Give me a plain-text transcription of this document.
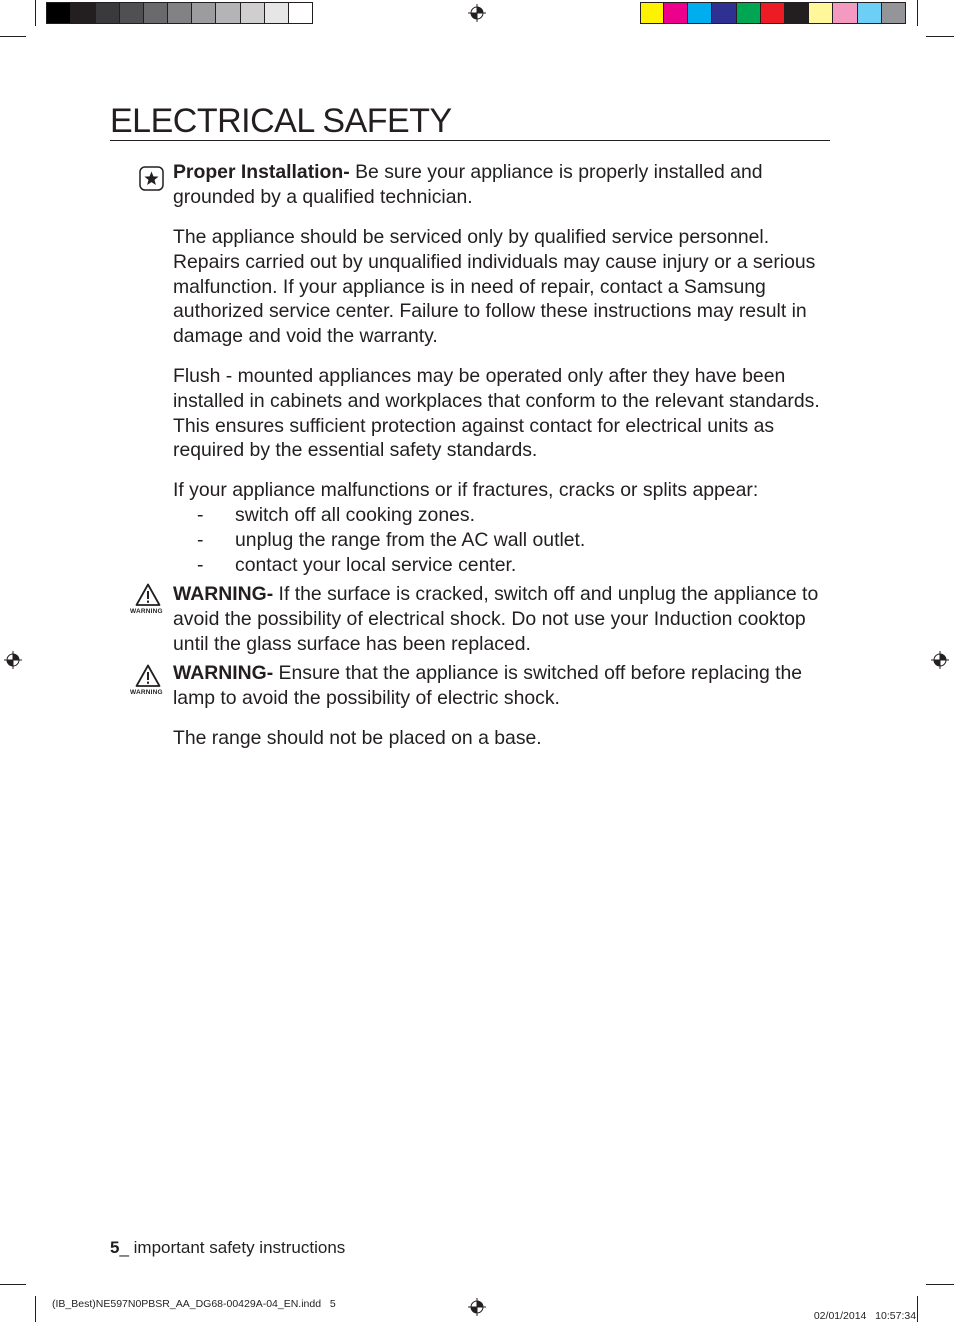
ELECTRICAL SAFETY

Proper Installation- Be sure your appliance is properly installed and grounded by a qualified technician.

The appliance should be serviced only by qualified service personnel. Repairs carried out by unqualified individuals may cause injury or a serious malfunction. If your appliance is in need of repair, contact a Samsung authorized service center. Failure to follow these instructions may result in damage and void the warranty.

Flush - mounted appliances may be operated only after they have been installed in cabinets and workplaces that conform to the relevant standards. This ensures sufficient protection against contact for electrical units as required by the essential safety standards.

If your appliance malfunctions or if fractures, cracks or splits appear:

- switch off all cooking zones.
- unplug the range from the AC wall outlet.
- contact your local service center.
WARNING

WARNING- If the surface is cracked, switch off and unplug the appliance to avoid the possibility of electrical shock. Do not use your Induction cooktop until the glass surface has been replaced.

WARNING

WARNING- Ensure that the appliance is switched off before replacing the lamp to avoid the possibility of electric shock.

The range should not be placed on a base.

5_ important safety instructions
(IB_Best)NE597N0PBSR_AA_DG68-00429A-04_EN.indd   5

02/01/2014 10:57:34
